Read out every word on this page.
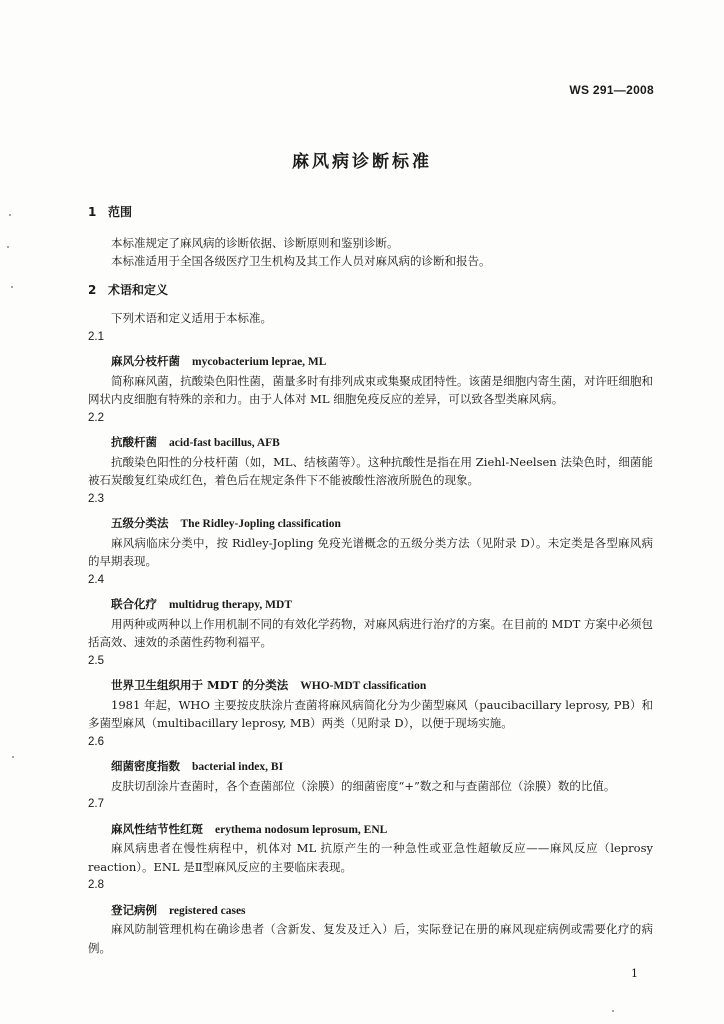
WS 291—2008
麻风病诊断标准

1 范围

本标准规定了麻风病的诊断依据、诊断原则和鉴别诊断。

本标准适用于全国各级医疗卫生机构及其工作人员对麻风病的诊断和报告。

2 术语和定义

下列术语和定义适用于本标准。

2.1

麻风分枝杆菌 mycobacterium leprae, ML

简称麻风菌，抗酸染色阳性菌，菌量多时有排列成束或集聚成团特性。该菌是细胞内寄生菌，对许旺细胞和网状内皮细胞有特殊的亲和力。由于人体对 ML 细胞免疫反应的差异，可以致各型类麻风病。

2.2

抗酸杆菌 acid-fast bacillus, AFB

抗酸染色阳性的分枝杆菌（如，ML、结核菌等）。这种抗酸性是指在用 Ziehl-Neelsen 法染色时，细菌能被石炭酸复红染成红色，着色后在规定条件下不能被酸性溶液所脱色的现象。

2.3

五级分类法 The Ridley-Jopling classification

麻风病临床分类中，按 Ridley-Jopling 免疫光谱概念的五级分类方法（见附录 D）。未定类是各型麻风病的早期表现。

2.4

联合化疗 multidrug therapy, MDT

用两种或两种以上作用机制不同的有效化学药物，对麻风病进行治疗的方案。在目前的 MDT 方案中必须包括高效、速效的杀菌性药物利福平。

2.5

世界卫生组织用于 MDT 的分类法 WHO-MDT classification

1981 年起，WHO 主要按皮肤涂片查菌将麻风病简化分为少菌型麻风（paucibacillary leprosy, PB）和多菌型麻风（multibacillary leprosy, MB）两类（见附录 D），以便于现场实施。

2.6

细菌密度指数 bacterial index, BI

皮肤切刮涂片查菌时，各个查菌部位（涂膜）的细菌密度“+”数之和与查菌部位（涂膜）数的比值。

2.7

麻风性结节性红斑 erythema nodosum leprosum, ENL

麻风病患者在慢性病程中，机体对 ML 抗原产生的一种急性或亚急性超敏反应——麻风反应（leprosy reaction）。ENL 是Ⅱ型麻风反应的主要临床表现。

2.8

登记病例 registered cases

麻风防制管理机构在确诊患者（含新发、复发及迁入）后，实际登记在册的麻风现症病例或需要化疗的病例。

1
